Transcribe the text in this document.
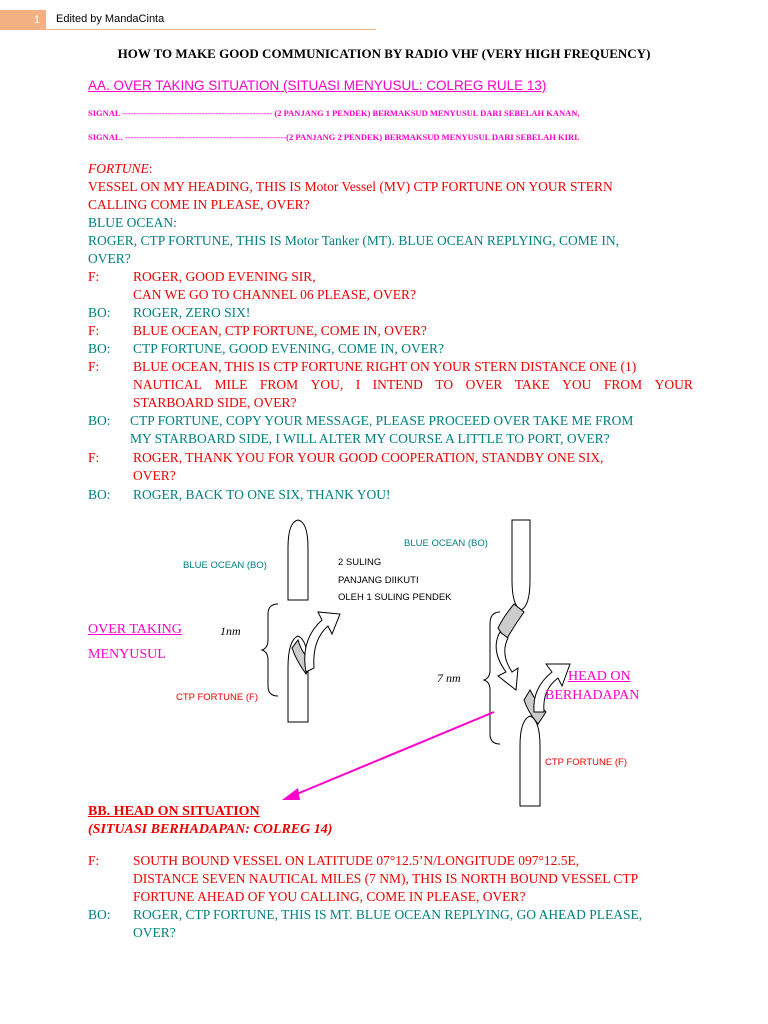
1	Edited by MandaCinta
HOW TO MAKE GOOD COMMUNICATION BY RADIO VHF (VERY HIGH FREQUENCY)
AA. OVER TAKING SITUATION (SITUASI MENYUSUL: COLREG RULE 13)
SIGNAL ----------------------------------------------------- (2 PANJANG 1 PENDEK) BERMAKSUD MENYUSUL DARI SEBELAH KANAN,
SIGNAL. ---------------------------------------------------------(2 PANJANG 2 PENDEK) BERMAKSUD MENYUSUL DARI SEBELAH KIRI.
FORTUNE:
VESSEL ON MY HEADING, THIS IS Motor Vessel (MV) CTP FORTUNE ON YOUR STERN
CALLING COME IN PLEASE, OVER?
BLUE OCEAN:
ROGER, CTP FORTUNE, THIS IS Motor Tanker (MT). BLUE OCEAN REPLYING, COME IN,
OVER?
F: ROGER, GOOD EVENING SIR,
CAN WE GO TO CHANNEL 06 PLEASE, OVER?
BO: ROGER, ZERO SIX!
F: BLUE OCEAN, CTP FORTUNE, COME IN, OVER?
BO: CTP FORTUNE, GOOD EVENING, COME IN, OVER?
F: BLUE OCEAN, THIS IS CTP FORTUNE RIGHT ON YOUR STERN DISTANCE ONE (1)
NAUTICAL MILE FROM YOU, I INTEND TO OVER TAKE YOU FROM YOUR
STARBOARD SIDE, OVER?
BO: CTP FORTUNE, COPY YOUR MESSAGE, PLEASE PROCEED OVER TAKE ME FROM
MY STARBOARD SIDE, I WILL ALTER MY COURSE A LITTLE TO PORT, OVER?
F: ROGER, THANK YOU FOR YOUR GOOD COOPERATION, STANDBY ONE SIX,
OVER?
BO: ROGER, BACK TO ONE SIX, THANK YOU!
BLUE OCEAN (BO)
BLUE OCEAN (BO)
2 SULING
PANJANG DIIKUTI
OLEH 1 SULING PENDEK
OVER TAKING
MENYUSUL
1nm
7 nm	HEAD ON
BERHADAPAN
CTP FORTUNE (F)
CTP FORTUNE (F)
BB. HEAD ON SITUATION
(SITUASI BERHADAPAN: COLREG 14)
F: SOUTH BOUND VESSEL ON LATITUDE 07°12.5’N/LONGITUDE 097°12.5E,
DISTANCE SEVEN NAUTICAL MILES (7 NM), THIS IS NORTH BOUND VESSEL CTP
FORTUNE AHEAD OF YOU CALLING, COME IN PLEASE, OVER?
BO: ROGER, CTP FORTUNE, THIS IS MT. BLUE OCEAN REPLYING, GO AHEAD PLEASE,
OVER?
